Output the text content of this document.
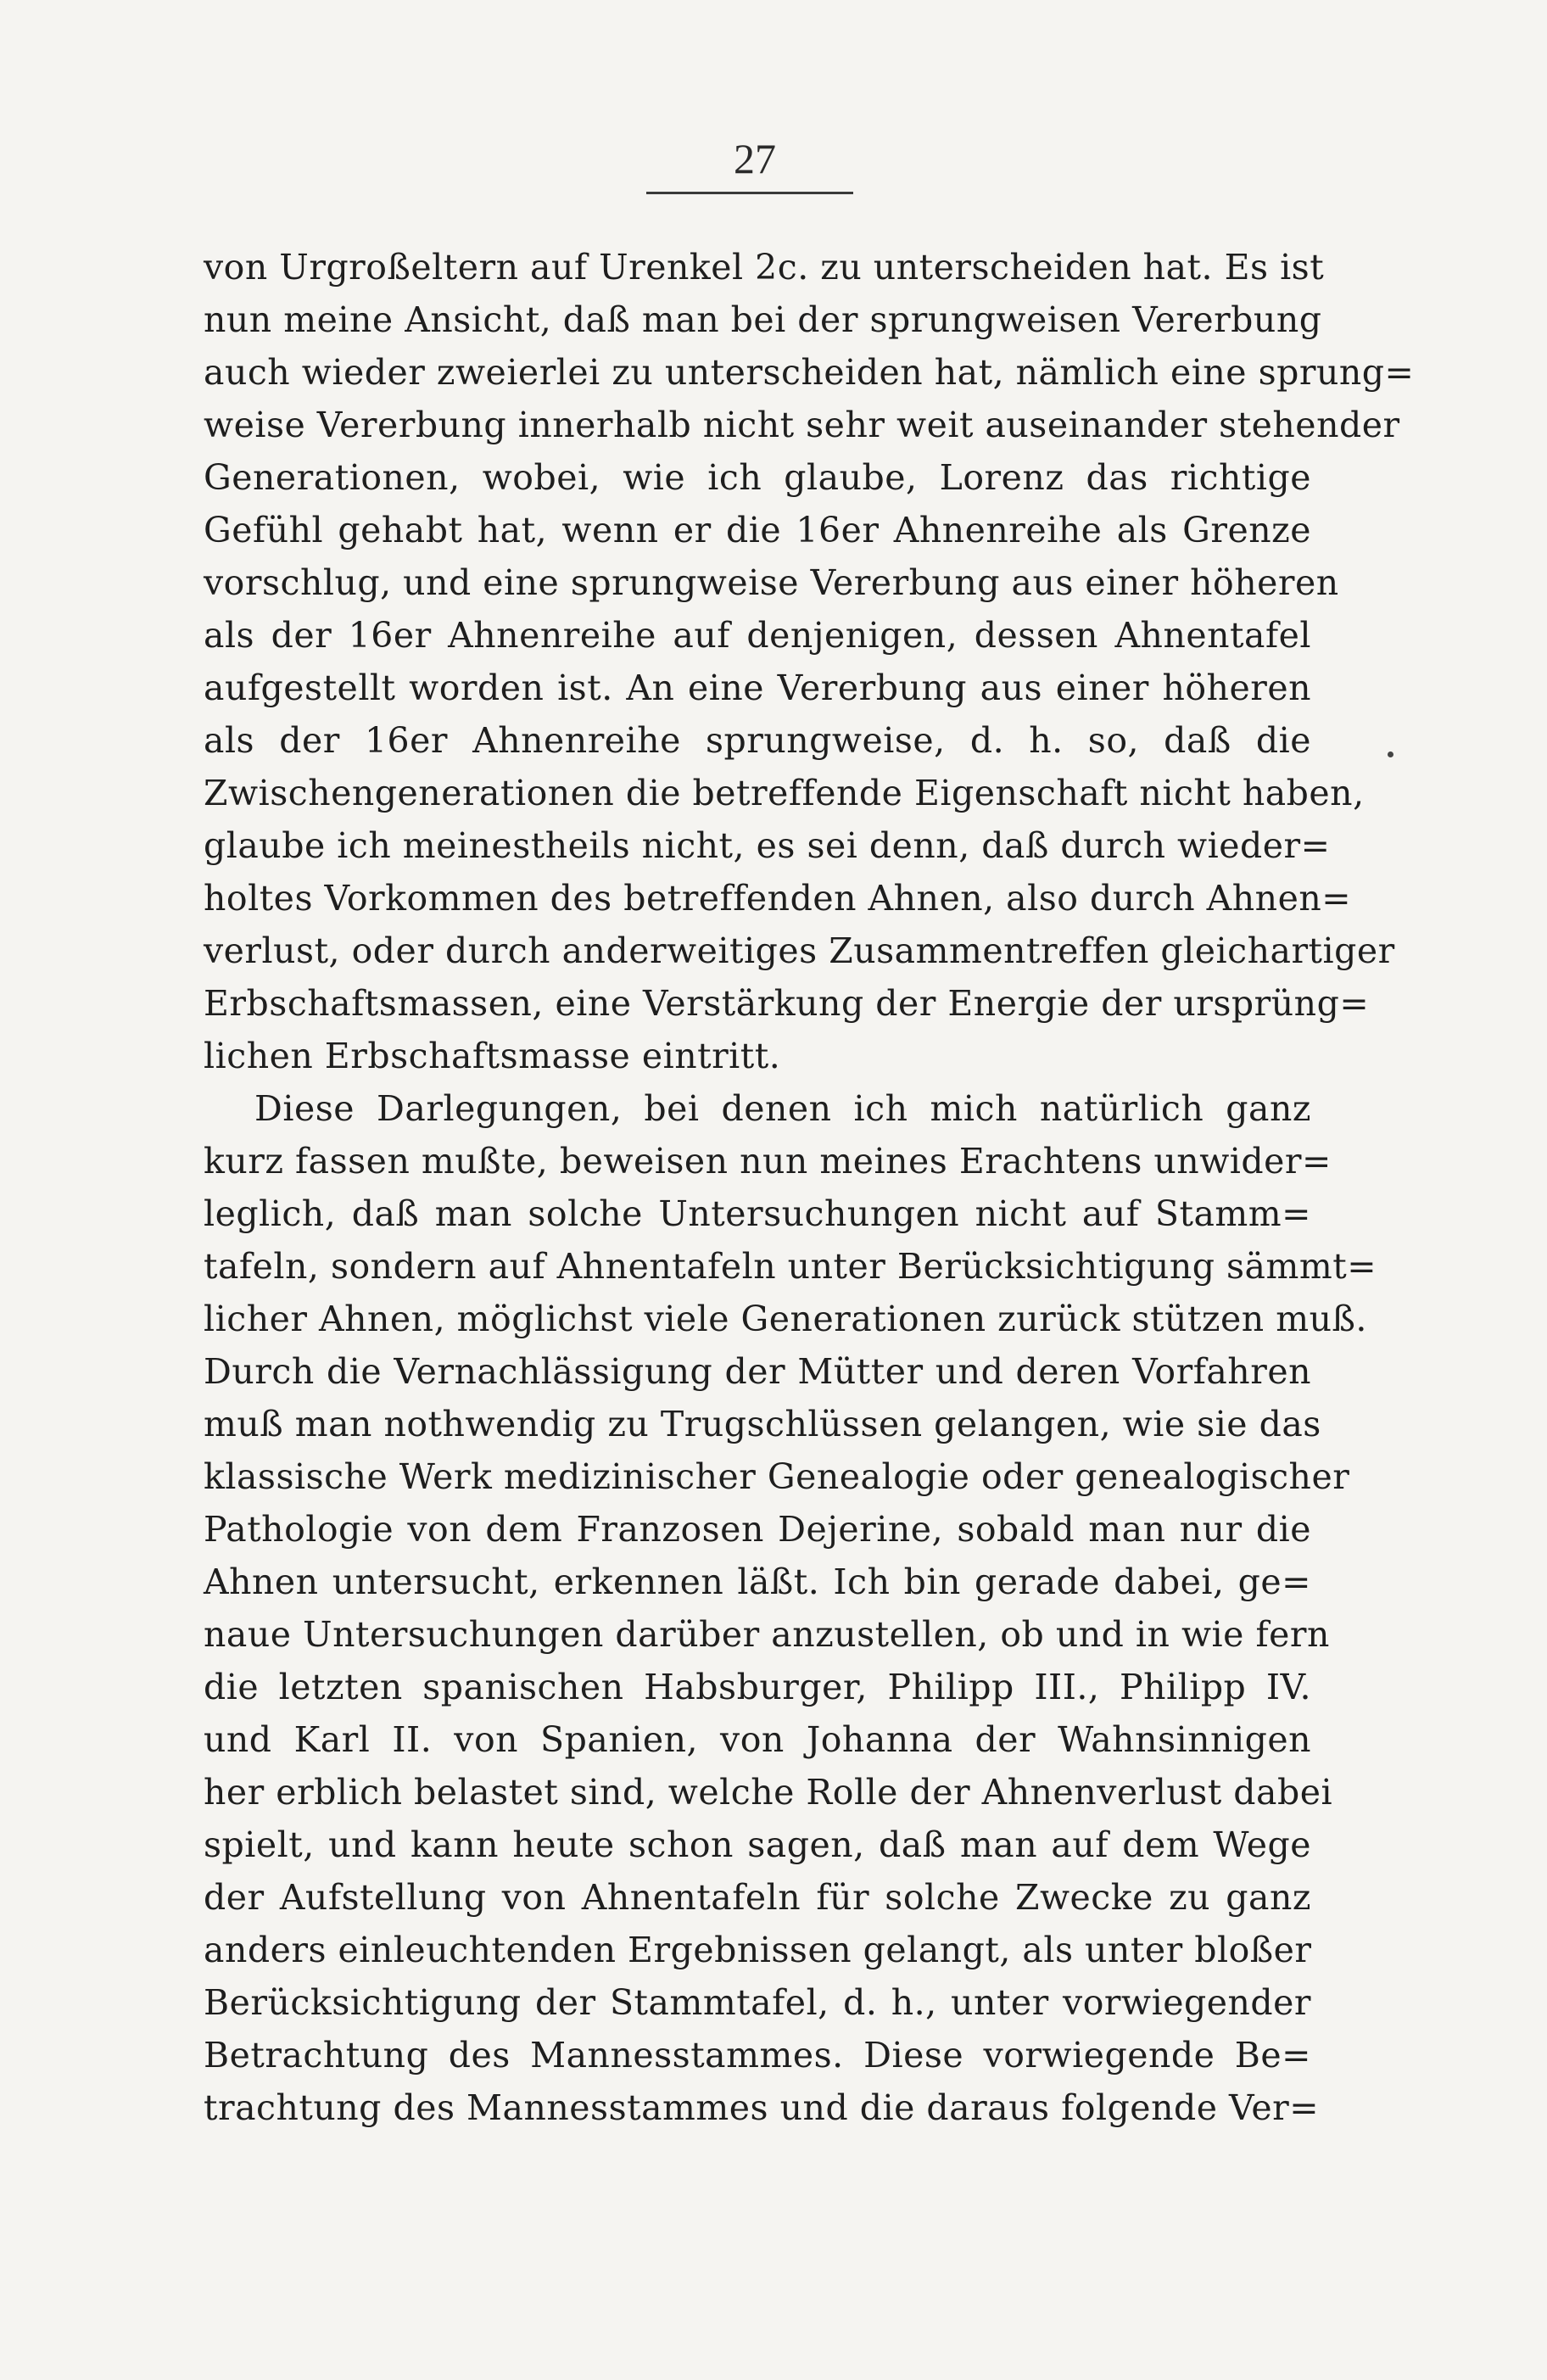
27
von Urgroßeltern auf Urenkel 2c. zu unterscheiden hat. Es ist
nun meine Ansicht, daß man bei der sprungweisen Vererbung
auch wieder zweierlei zu unterscheiden hat, nämlich eine sprung=
weise Vererbung innerhalb nicht sehr weit auseinander stehender
Generationen, wobei, wie ich glaube, Lorenz das richtige
Gefühl gehabt hat, wenn er die 16er Ahnenreihe als Grenze
vorschlug, und eine sprungweise Vererbung aus einer höheren
als der 16er Ahnenreihe auf denjenigen, dessen Ahnentafel
aufgestellt worden ist. An eine Vererbung aus einer höheren
als der 16er Ahnenreihe sprungweise, d. h. so, daß die
Zwischengenerationen die betreffende Eigenschaft nicht haben,
glaube ich meinestheils nicht, es sei denn, daß durch wieder=
holtes Vorkommen des betreffenden Ahnen, also durch Ahnen=
verlust, oder durch anderweitiges Zusammentreffen gleichartiger
Erbschaftsmassen, eine Verstärkung der Energie der ursprüng=
lichen Erbschaftsmasse eintritt.
Diese Darlegungen, bei denen ich mich natürlich ganz
kurz fassen mußte, beweisen nun meines Erachtens unwider=
leglich, daß man solche Untersuchungen nicht auf Stamm=
tafeln, sondern auf Ahnentafeln unter Berücksichtigung sämmt=
licher Ahnen, möglichst viele Generationen zurück stützen muß.
Durch die Vernachlässigung der Mütter und deren Vorfahren
muß man nothwendig zu Trugschlüssen gelangen, wie sie das
klassische Werk medizinischer Genealogie oder genealogischer
Pathologie von dem Franzosen Dejerine, sobald man nur die
Ahnen untersucht, erkennen läßt. Ich bin gerade dabei, ge=
naue Untersuchungen darüber anzustellen, ob und in wie fern
die letzten spanischen Habsburger, Philipp III., Philipp IV.
und Karl II. von Spanien, von Johanna der Wahnsinnigen
her erblich belastet sind, welche Rolle der Ahnenverlust dabei
spielt, und kann heute schon sagen, daß man auf dem Wege
der Aufstellung von Ahnentafeln für solche Zwecke zu ganz
anders einleuchtenden Ergebnissen gelangt, als unter bloßer
Berücksichtigung der Stammtafel, d. h., unter vorwiegender
Betrachtung des Mannesstammes. Diese vorwiegende Be=
trachtung des Mannesstammes und die daraus folgende Ver=
